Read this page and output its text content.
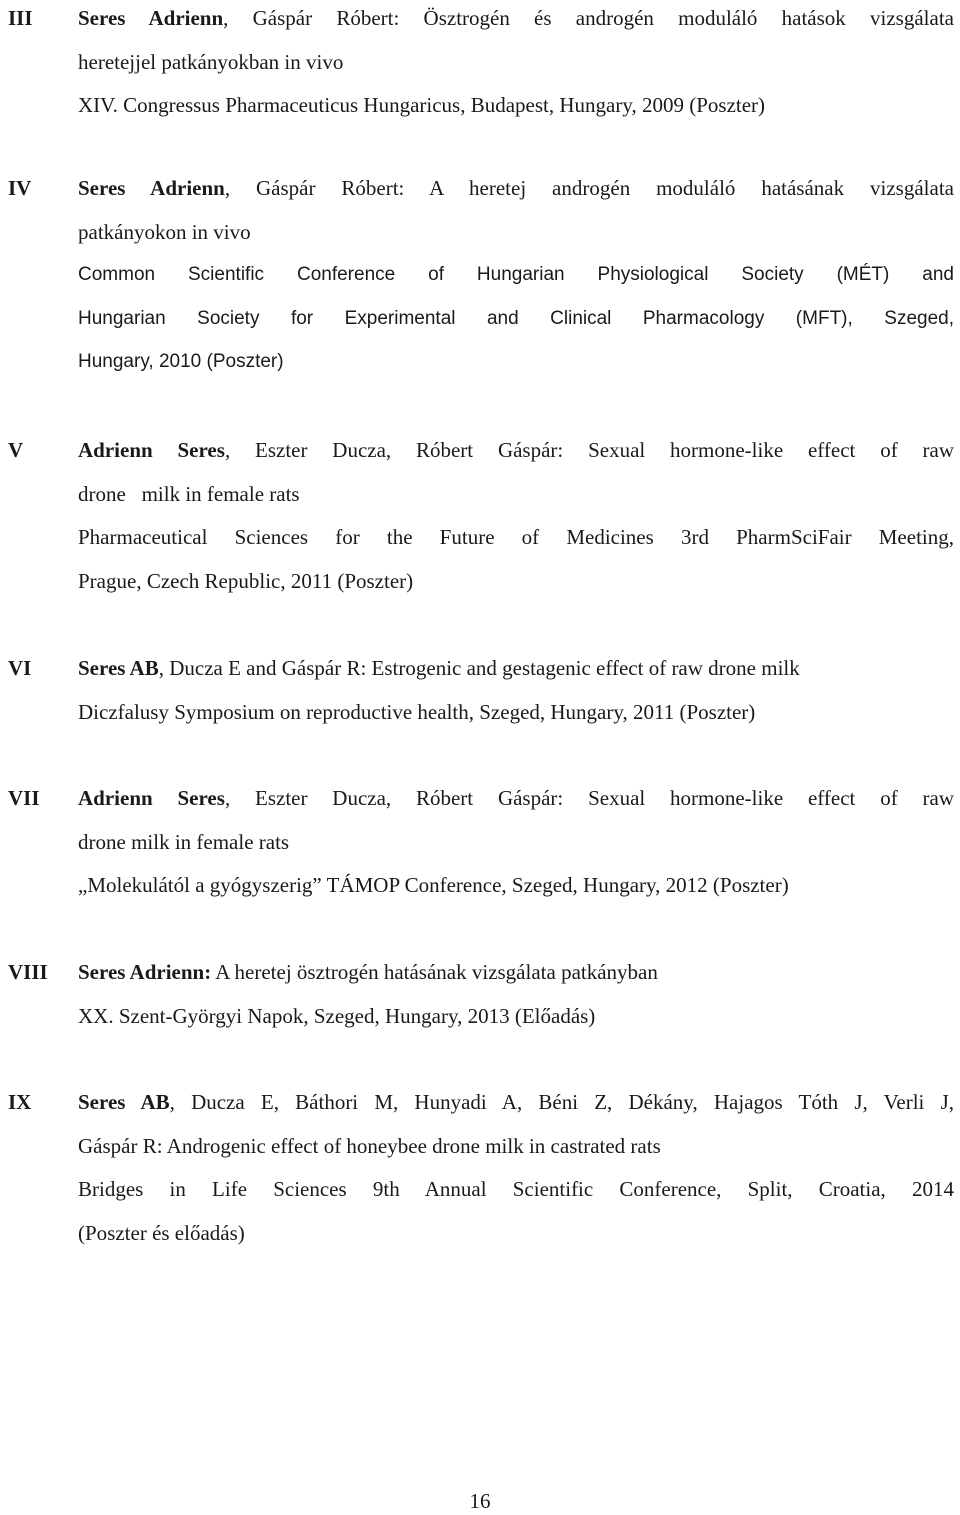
III Seres Adrienn, Gáspár Róbert: Ösztrogén és androgén moduláló hatások vizsgálata
heretejjel patkányokban in vivo
XIV. Congressus Pharmaceuticus Hungaricus, Budapest, Hungary, 2009 (Poszter)
IV Seres Adrienn, Gáspár Róbert: A heretej androgén moduláló hatásának vizsgálata
patkányokon in vivo
Common Scientific Conference of Hungarian Physiological Society (MÉT) and
Hungarian Society for Experimental and Clinical Pharmacology (MFT), Szeged,
Hungary, 2010 (Poszter)
V	Adrienn Seres, Eszter Ducza, Róbert Gáspár: Sexual hormone-like effect of raw
drone   milk in female rats
Pharmaceutical Sciences for the Future of Medicines 3rd PharmSciFair Meeting,
Prague, Czech Republic, 2011 (Poszter)
VI Seres AB, Ducza E and Gáspár R: Estrogenic and gestagenic effect of raw drone milk
Diczfalusy Symposium on reproductive health, Szeged, Hungary, 2011 (Poszter)
VII Adrienn Seres, Eszter Ducza, Róbert Gáspár: Sexual hormone-like effect of raw
drone milk in female rats
„Molekulától a gyógyszerig” TÁMOP Conference, Szeged, Hungary, 2012 (Poszter)
VIII Seres Adrienn: A heretej ösztrogén hatásának vizsgálata patkányban
XX. Szent-Györgyi Napok, Szeged, Hungary, 2013 (Előadás)
IX Seres AB, Ducza E, Báthori M, Hunyadi A, Béni Z, Dékány, Hajagos Tóth J, Verli J,
Gáspár R: Androgenic effect of honeybee drone milk in castrated rats
Bridges in Life Sciences 9th Annual Scientific Conference, Split, Croatia, 2014
(Poszter és előadás)
16
